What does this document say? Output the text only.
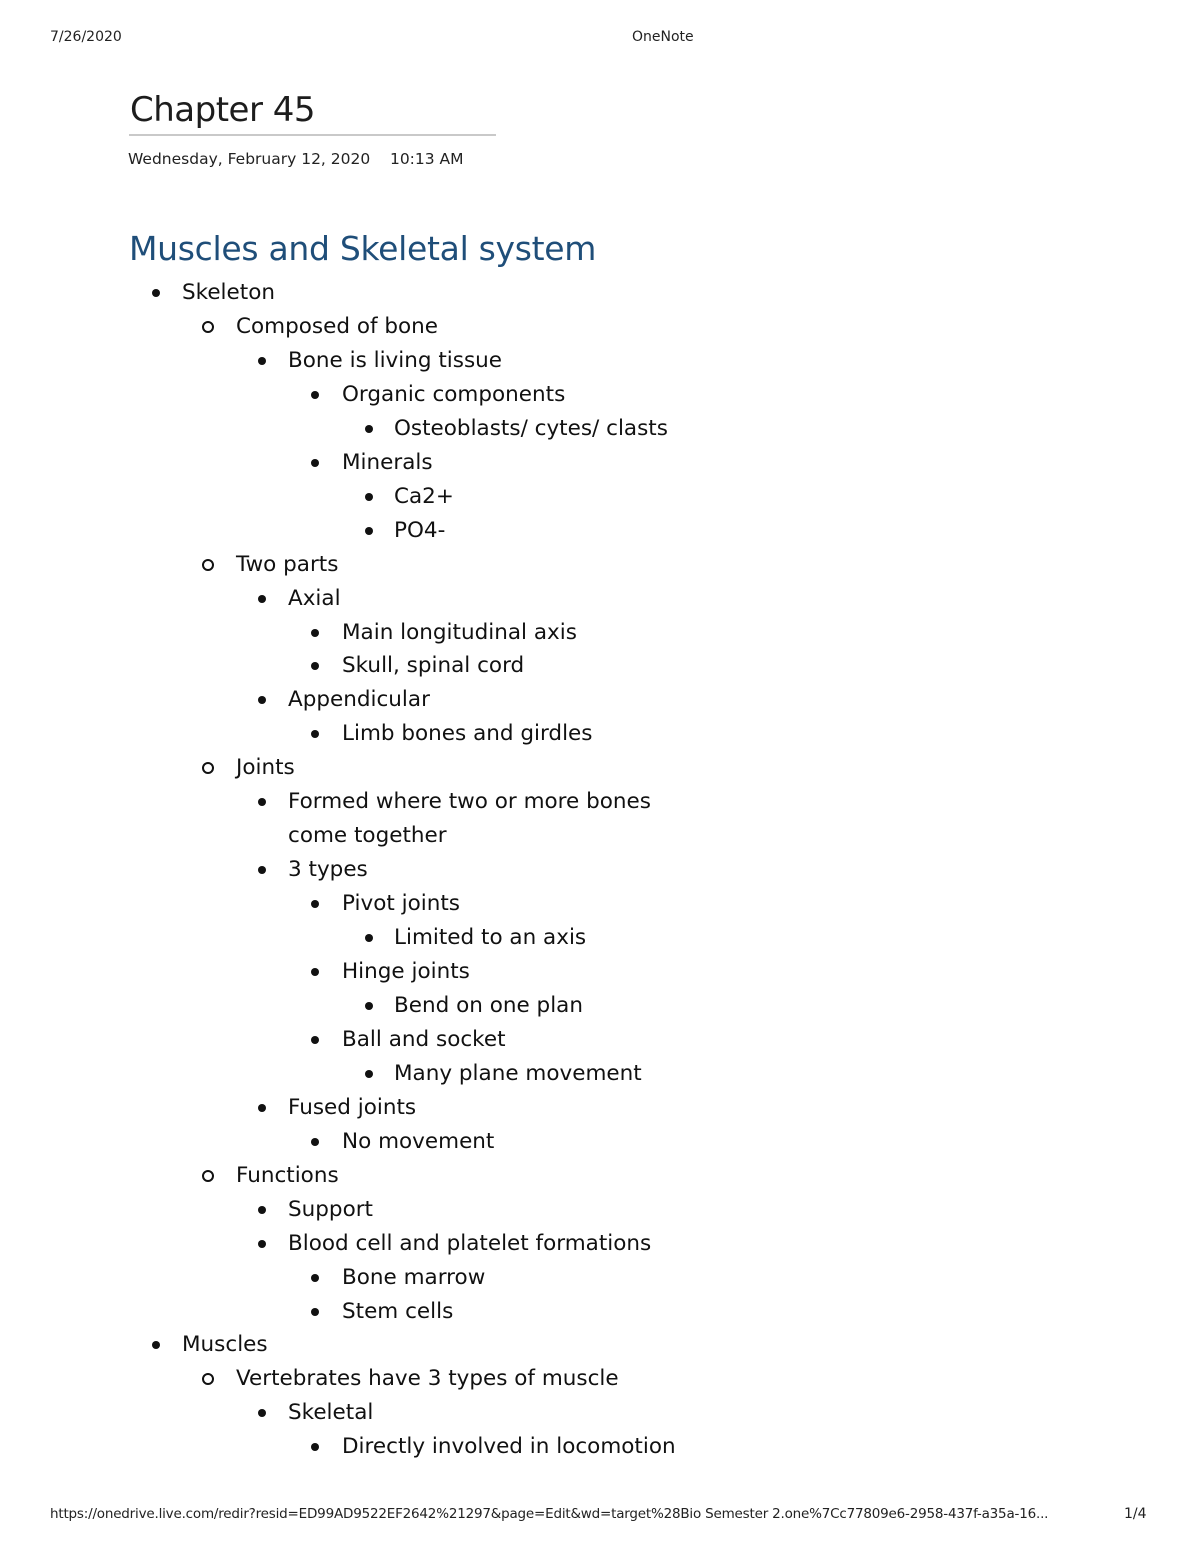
7/26/2020	OneNote
Chapter 45
Wednesday, February 12, 2020 10:13 AM
Muscles and Skeletal system
Skeleton
Composed of bone
Bone is living tissue
Organic components
Osteoblasts/ cytes/ clasts
Minerals
Ca2+
PO4-
Two parts
Axial
Main longitudinal axis
Skull, spinal cord
Appendicular
Limb bones and girdles
Joints
Formed where two or more bones
come together
3 types
Pivot joints
Limited to an axis
Hinge joints
Bend on one plan
Ball and socket
Many plane movement
Fused joints
No movement
Functions
Support
Blood cell and platelet formations
Bone marrow
Stem cells
Muscles
Vertebrates have 3 types of muscle
Skeletal
Directly involved in locomotion
https://onedrive.live.com/redir?resid=ED99AD9522EF2642%21297&page=Edit&wd=target%28Bio Semester 2.one%7Cc77809e6-2958-437f-a35a-16...	1/4
